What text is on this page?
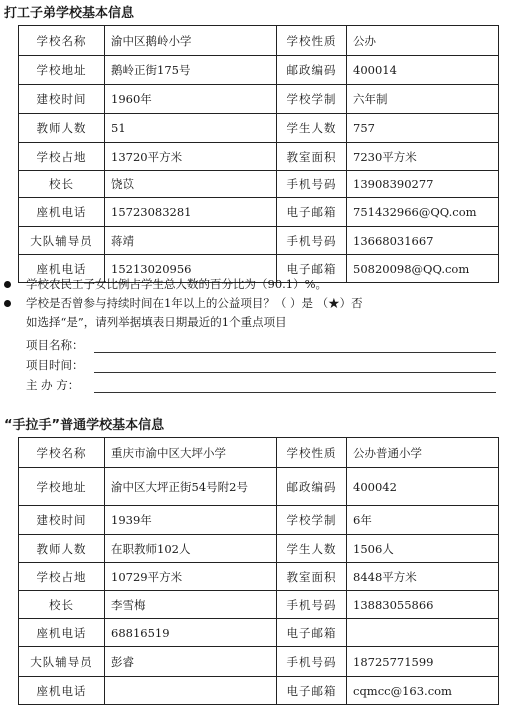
打工子弟学校基本信息
学校名称	渝中区鹅岭小学	学校性质	公办
学校地址	鹅岭正街175号	邮政编码	400014
建校时间	1960年	学校学制	六年制
教师人数	51	学生人数	757
学校占地	13720平方米	教室面积	7230平方米
校长	饶苡	手机号码	13908390277
座机电话	15723083281	电子邮箱	751432966@QQ.com
大队辅导员	蒋靖	手机号码	13668031667
座机电话	15213020956	电子邮箱	50820098@QQ.com
学校农民工子女比例占学生总人数的百分比为（90.1）%。
学校是否曾参与持续时间在1年以上的公益项目？（ ）是 （★）否
如选择“是”，请列举据填表日期最近的1个重点项目
项目名称：
项目时间：
主 办 方：
“手拉手”普通学校基本信息
学校名称	重庆市渝中区大坪小学	学校性质	公办普通小学
学校地址	渝中区大坪正街54号附2号	邮政编码	400042
建校时间	1939年	学校学制	6年
教师人数	在职教师102人	学生人数	1506人
学校占地	10729平方米	教室面积	8448平方米
校长	李雪梅	手机号码	13883055866
座机电话	68816519	电子邮箱	
大队辅导员	彭睿	手机号码	18725771599
座机电话		电子邮箱	cqmcc@163.com
